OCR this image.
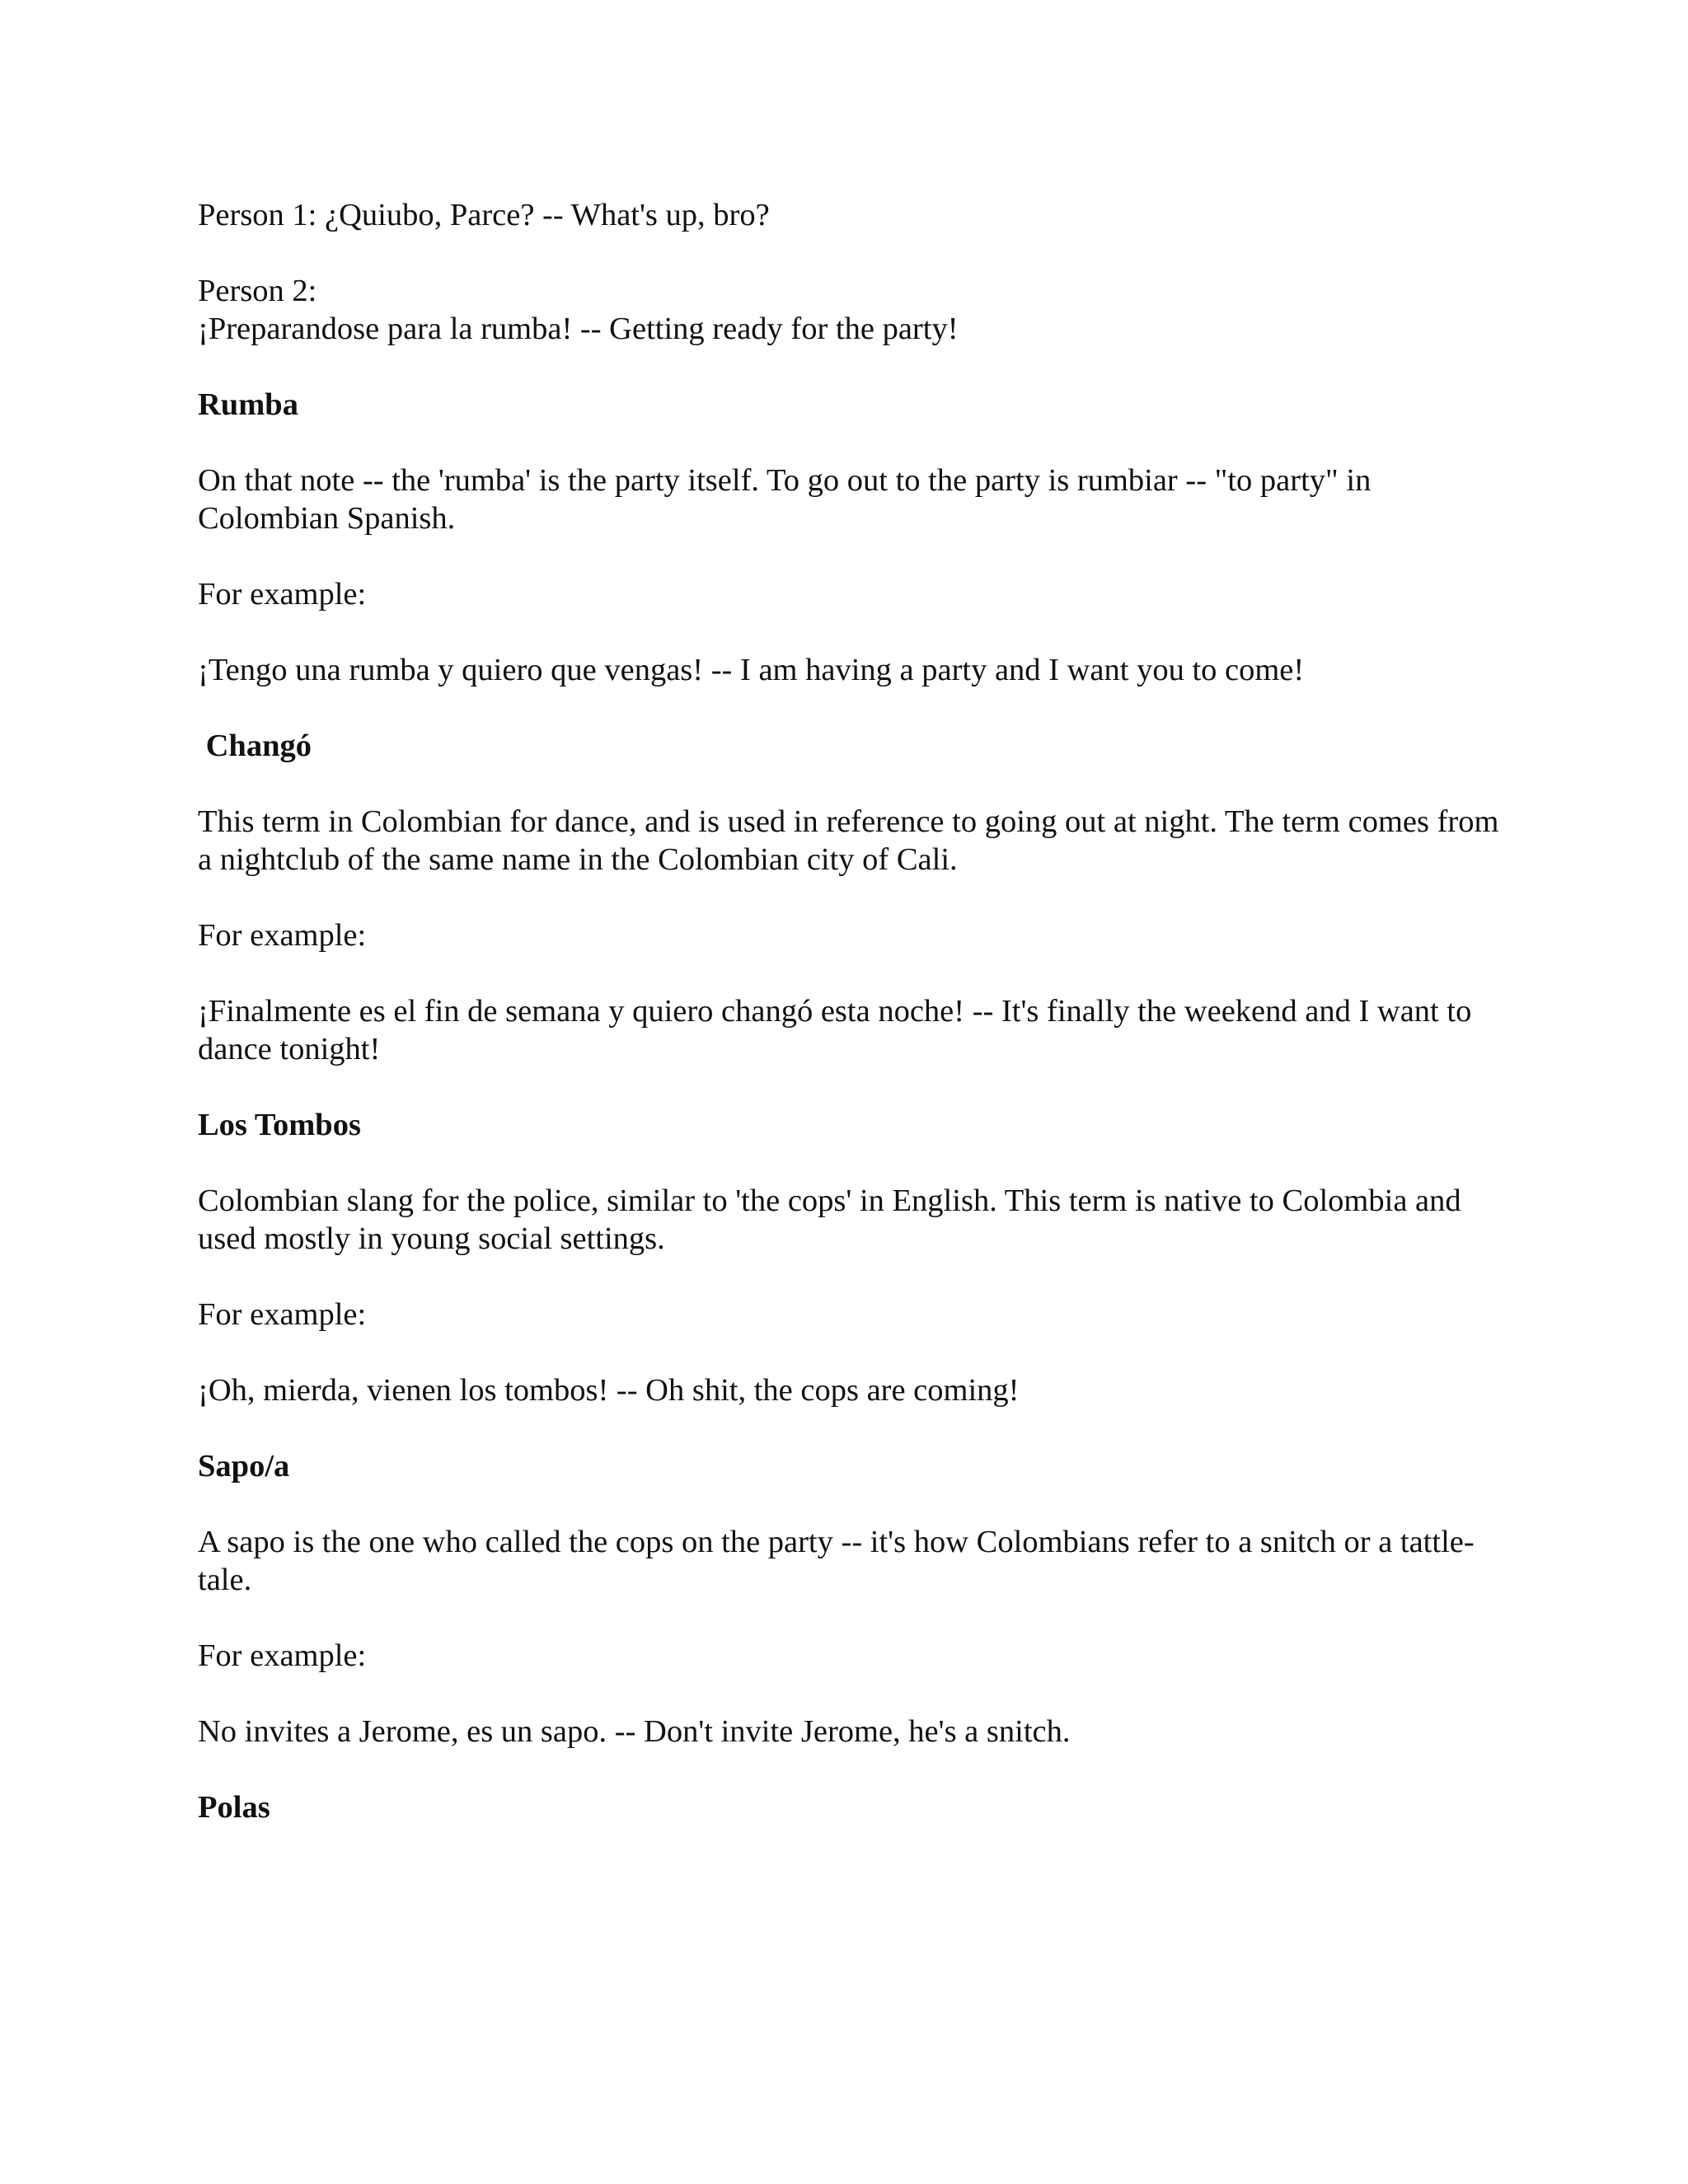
Person 1: ¿Quiubo, Parce? -- What's up, bro?

Person 2:

¡Preparandose para la rumba! -- Getting ready for the party!

Rumba

On that note -- the 'rumba' is the party itself. To go out to the party is rumbiar -- "to party" in Colombian Spanish.

For example:

¡Tengo una rumba y quiero que vengas! -- I am having a party and I want you to come!

Changó

This term in Colombian for dance, and is used in reference to going out at night. The term comes from a nightclub of the same name in the Colombian city of Cali.

For example:

¡Finalmente es el fin de semana y quiero changó esta noche! -- It's finally the weekend and I want to dance tonight!

Los Tombos

Colombian slang for the police, similar to 'the cops' in English. This term is native to Colombia and used mostly in young social settings.

For example:

¡Oh, mierda, vienen los tombos! -- Oh shit, the cops are coming!

Sapo/a

A sapo is the one who called the cops on the party -- it's how Colombians refer to a snitch or a tattle-tale.

For example:

No invites a Jerome, es un sapo. -- Don't invite Jerome, he's a snitch.

Polas
